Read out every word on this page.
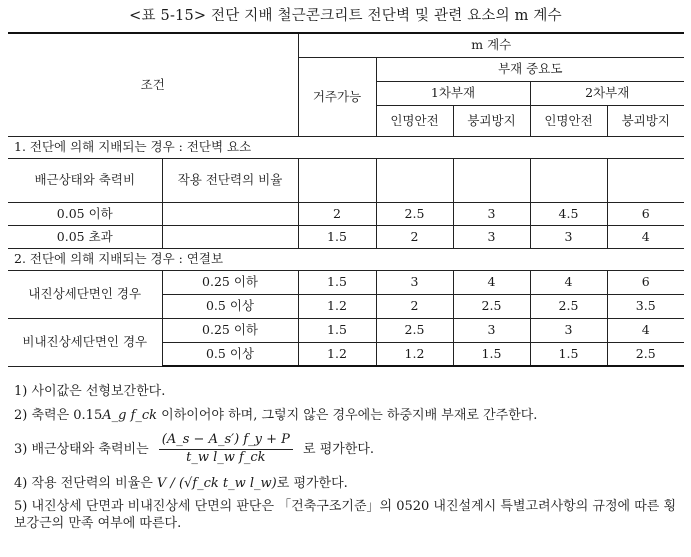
<표 5-15> 전단 지배 철근콘크리트 전단벽 및 관련 요소의 m 계수
조건		m 계수				
		거주가능	부재 중요도			
			1차부재		2차부재	
			인명안전	붕괴방지	인명안전	붕괴방지
1. 전단에 의해 지배되는 경우 : 전단벽 요소						
배근상태와 축력비	작용 전단력의 비율					
0.05 이하		2	2.5	3	4.5	6
0.05 초과		1.5	2	3	3	4
2. 전단에 의해 지배되는 경우 : 연결보						
내진상세단면인 경우	0.25 이하	1.5	3	4	4	6
	0.5 이상	1.2	2	2.5	2.5	3.5
비내진상세단면인 경우	0.25 이하	1.5	2.5	3	3	4
	0.5 이상	1.2	1.2	1.5	1.5	2.5

1) 사이값은 선형보간한다.

2) 축력은 0.15A_g f_ck 이하이어야 하며, 그렇지 않은 경우에는 하중지배 부재로 간주한다.

3) 배근상태와 축력비는 $\frac{(A\_s - A\_s') f\_y + P}{\text{t\_w l\_w f\_ck}}$ 로 평가한다.

4) 작용 전단력의 비율은 V / (√f_ck t_w l_w)로 평가한다.

5) 내진상세 단면과 비내진상세 단면의 판단은 「건축구조기준」의 0520 내진설계시 특별고려사항의 규정에 따른 횡보강근의 만족 여부에 따른다.
